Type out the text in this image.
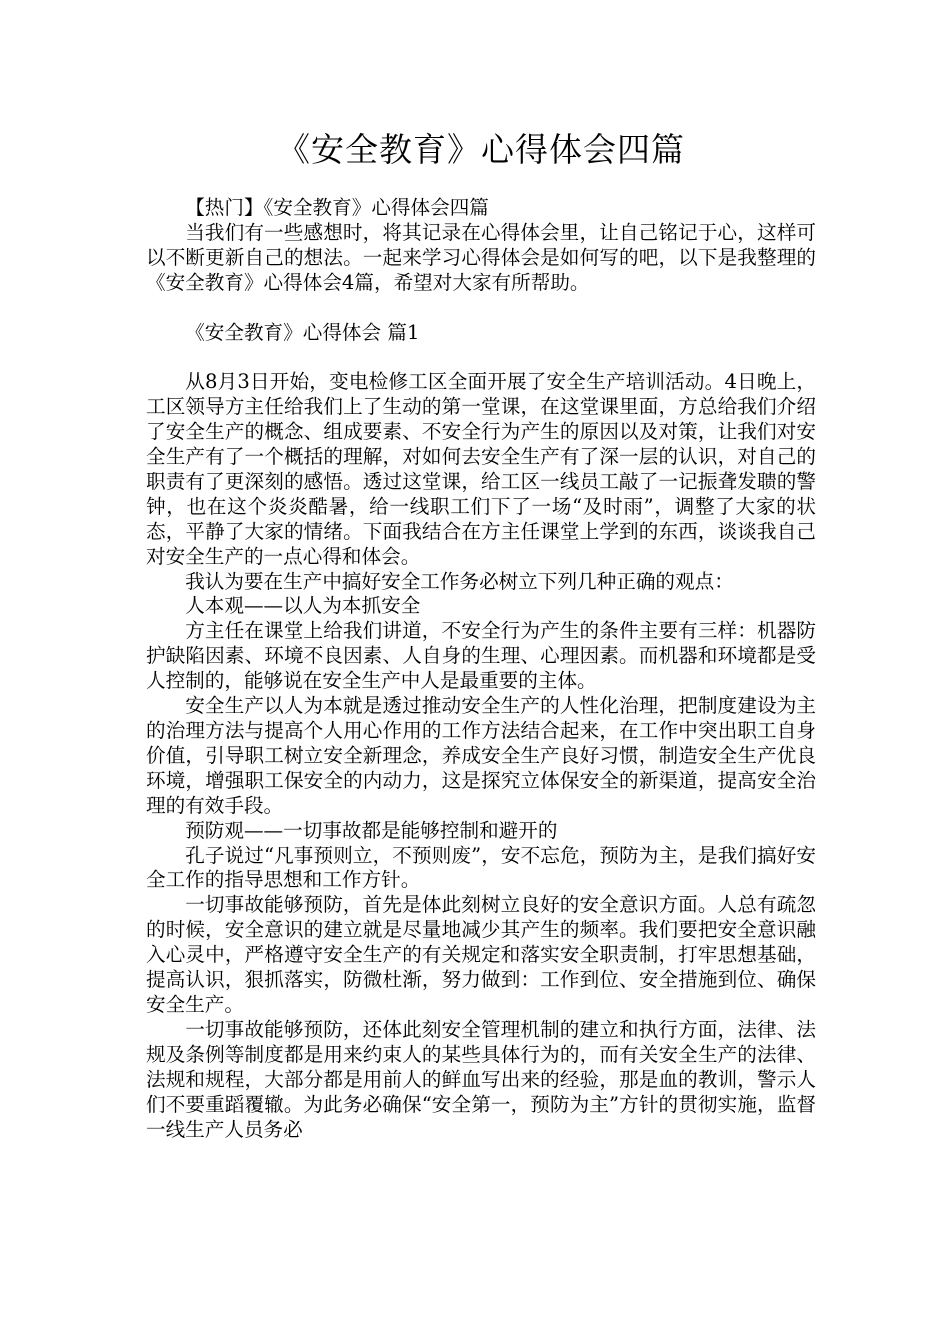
《安全教育》心得体会四篇

【热门】《安全教育》心得体会四篇

当我们有一些感想时，将其记录在心得体会里，让自己铭记于心，这样可以不断更新自己的想法。一起来学习心得体会是如何写的吧，以下是我整理的《安全教育》心得体会4篇，希望对大家有所帮助。

《安全教育》心得体会 篇1

从8月3日开始，变电检修工区全面开展了安全生产培训活动。4日晚上，工区领导方主任给我们上了生动的第一堂课，在这堂课里面，方总给我们介绍了安全生产的概念、组成要素、不安全行为产生的原因以及对策，让我们对安全生产有了一个概括的理解，对如何去安全生产有了深一层的认识，对自己的职责有了更深刻的感悟。透过这堂课，给工区一线员工敲了一记振聋发聩的警钟，也在这个炎炎酷暑，给一线职工们下了一场“及时雨”，调整了大家的状态，平静了大家的情绪。下面我结合在方主任课堂上学到的东西，谈谈我自己对安全生产的一点心得和体会。

我认为要在生产中搞好安全工作务必树立下列几种正确的观点：

人本观——以人为本抓安全

方主任在课堂上给我们讲道，不安全行为产生的条件主要有三样：机器防护缺陷因素、环境不良因素、人自身的生理、心理因素。而机器和环境都是受人控制的，能够说在安全生产中人是最重要的主体。

安全生产以人为本就是透过推动安全生产的人性化治理，把制度建设为主的治理方法与提高个人用心作用的工作方法结合起来，在工作中突出职工自身价值，引导职工树立安全新理念，养成安全生产良好习惯，制造安全生产优良环境，增强职工保安全的内动力，这是探究立体保安全的新渠道，提高安全治理的有效手段。

预防观——一切事故都是能够控制和避开的

孔子说过“凡事预则立，不预则废”，安不忘危，预防为主，是我们搞好安全工作的指导思想和工作方针。

一切事故能够预防，首先是体此刻树立良好的安全意识方面。人总有疏忽的时候，安全意识的建立就是尽量地减少其产生的频率。我们要把安全意识融入心灵中，严格遵守安全生产的有关规定和落实安全职责制，打牢思想基础，提高认识，狠抓落实，防微杜渐，努力做到：工作到位、安全措施到位、确保安全生产。

一切事故能够预防，还体此刻安全管理机制的建立和执行方面，法律、法规及条例等制度都是用来约束人的某些具体行为的，而有关安全生产的法律、法规和规程，大部分都是用前人的鲜血写出来的经验，那是血的教训，警示人们不要重蹈覆辙。为此务必确保“安全第一，预防为主”方针的贯彻实施，监督一线生产人员务必
